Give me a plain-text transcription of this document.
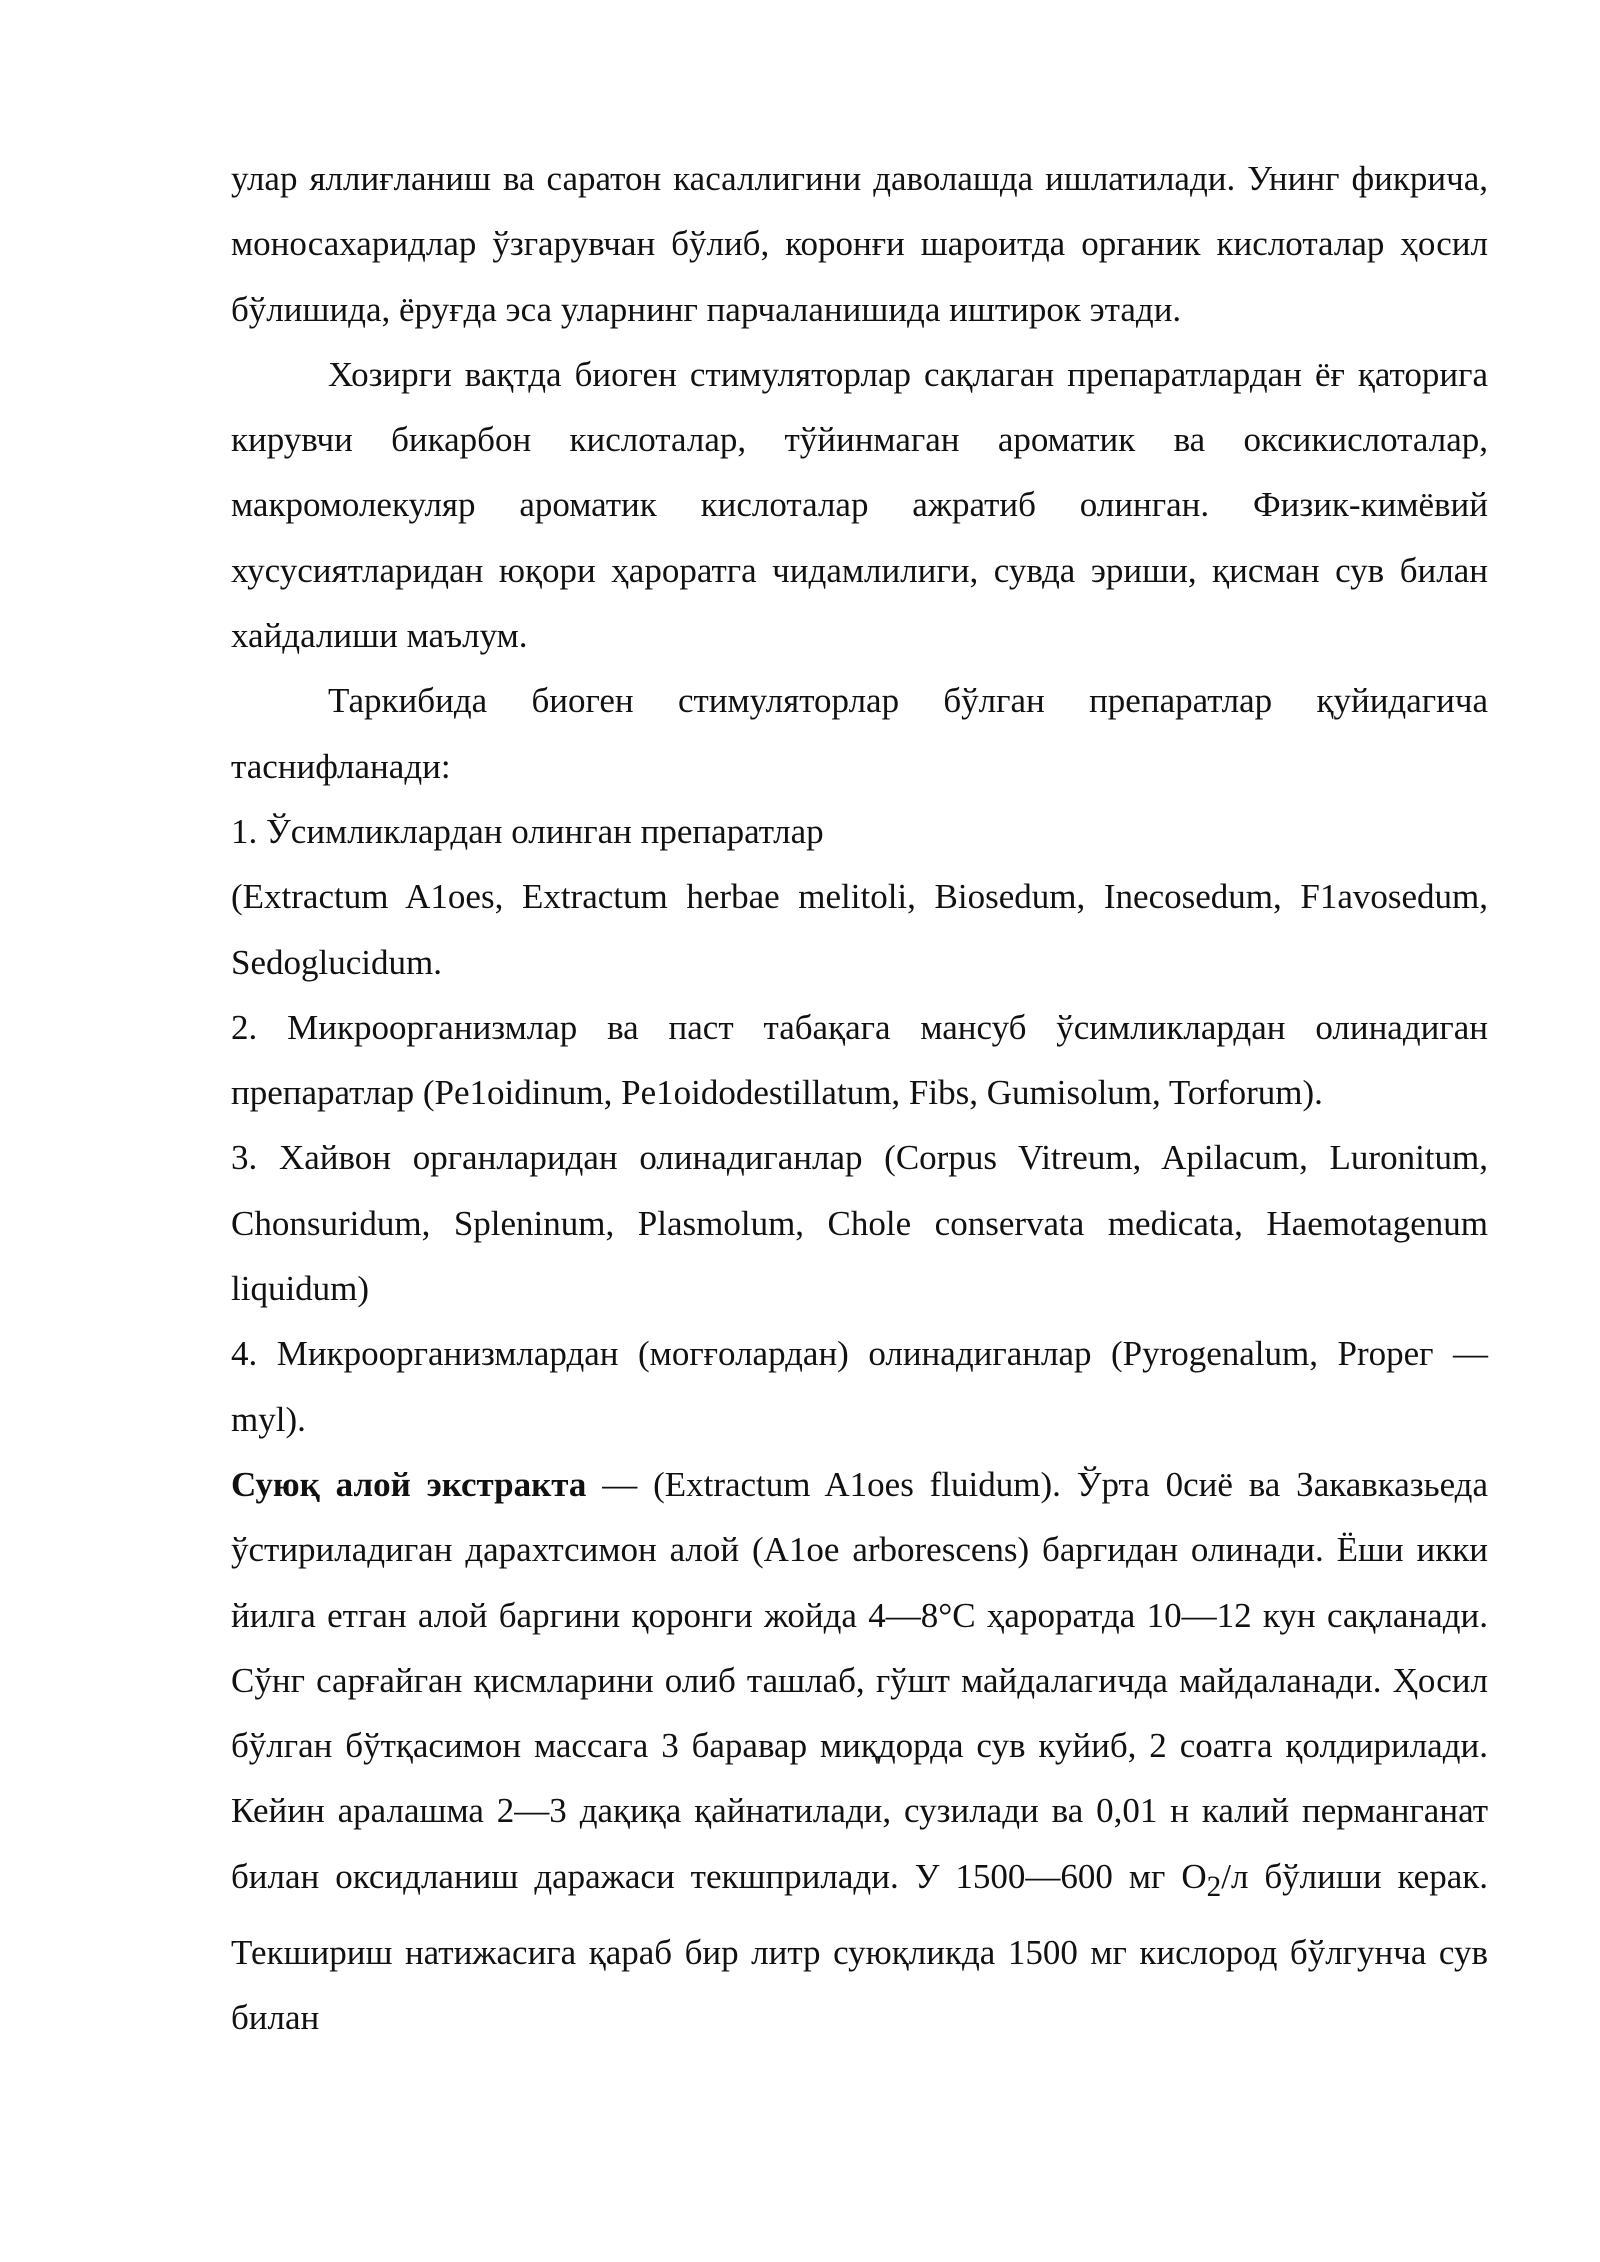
улар яллиғланиш ва саратон касаллигини даволашда ишлатилади. Унинг фикрича, моносахаридлар ўзгарувчан бўлиб, коронғи шароитда органик кислоталар ҳосил бўлишида, ёруғда эса уларнинг парчаланишида иштирок этади.

Хозирги вақтда биоген стимуляторлар сақлаган препаратлардан ёғ қаторига кирувчи бикарбон кислоталар, тўйинмаган ароматик ва оксикислоталар, макромолекуляр ароматик кислоталар ажратиб олинган. Физик-кимёвий хусусиятларидан юқори ҳароратга чидамлилиги, сувда эриши, қисман сув билан хайдалиши маълум.

Таркибида биоген стимуляторлар бўлган препаратлар қуйидагича таснифланади:

1. Ўсимликлардан олинган препаратлар

(Extractum A1oes, Extractum herbae melitoli, Biosedum, Inecosedum, F1avosedum, Sedoglucidum.

2. Микроорганизмлар ва паст табақага мансуб ўсимликлардан олинадиган препаратлар (Pe1oidinum, Pe1oidodestillatum, Fibs, Gumisolum, Torforum).

3. Хайвон органларидан олинадиганлар (Corpus Vitreum, Apilacum, Luronitum, Chonsuridum, Spleninum, Plasmolum, Chole conservata medicata, Haemotagenum liquidum)

4. Микроорганизмлардан (могғолардан) олинадиганлар (Pyrogenalum, Рroрег — myl).

Суюқ алой экстракта — (Extractum A1oes fluidum). Ўрта 0сиё ва Закавказьеда ўстириладиган дарахтсимон алой (A1oe arborescens) баргидан олинади. Ёши икки йилга етган алой баргини қоронги жойда 4—8°С ҳароратда 10—12 кун сақланади. Сўнг сарғайган қисмларини олиб ташлаб, гўшт майдалагичда майдаланади. Ҳосил бўлган бўтқасимон массага 3 баравар миқдорда сув куйиб, 2 соатга қолдирилади. Кейин аралашма 2—3 дақиқа қайнатилади, сузилади ва 0,01 н калий перманганат билан оксидланиш даражаси текшприлади. У 1500—600 мг $O_2/л$ бўлиши керак. Текшириш натижасига қараб бир литр суюқликда 1500 мг кислород бўлгунча сув билан
